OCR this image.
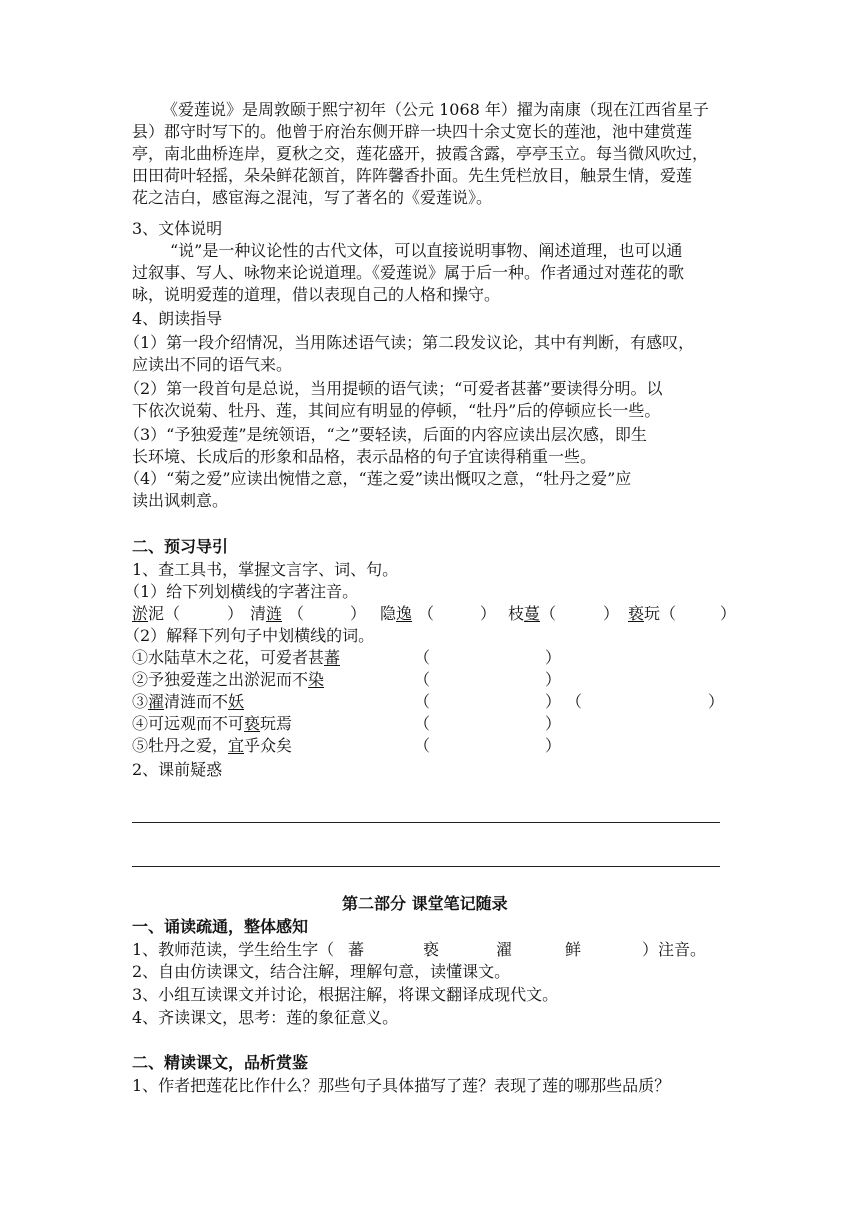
《爱莲说》是周敦颐于熙宁初年（公元 1068 年）擢为南康（现在江西省星子
县）郡守时写下的。他曾于府治东侧开辟一块四十余丈宽长的莲池，池中建赏莲
亭，南北曲桥连岸，夏秋之交，莲花盛开，披霞含露，亭亭玉立。每当微风吹过，
田田荷叶轻摇，朵朵鲜花颔首，阵阵馨香扑面。先生凭栏放目，触景生情，爱莲
花之洁白，感宦海之混沌，写了著名的《爱莲说》。
3、文体说明
“说”是一种议论性的古代文体，可以直接说明事物、阐述道理，也可以通
过叙事、写人、咏物来论说道理。《爱莲说》属于后一种。作者通过对莲花的歌
咏，说明爱莲的道理，借以表现自己的人格和操守。
4、朗读指导
（1）第一段介绍情况，当用陈述语气读；第二段发议论，其中有判断，有感叹，
应读出不同的语气来。
（2）第一段首句是总说，当用提顿的语气读；“可爱者甚蕃”要读得分明。以
下依次说菊、牡丹、莲，其间应有明显的停顿，“牡丹”后的停顿应长一些。
（3）“予独爱莲”是统领语，“之”要轻读，后面的内容应读出层次感，即生
长环境、长成后的形象和品格，表示品格的句子宜读得稍重一些。
（4）“菊之爱”应读出惋惜之意，“莲之爱”读出慨叹之意，“牡丹之爱”应
读出讽刺意。
二、预习导引
1、查工具书，掌握文言字、词、句。
（1）给下列划横线的字著注音。
淤泥（	） 清涟 （	） 隐逸 （	） 枝蔓（	） 亵玩（	）
（2）解释下列句子中划横线的词。
①水陆草木之花，可爱者甚蕃	（	）
②予独爱莲之出淤泥而不染	（	）
③濯清涟而不妖	（	） （	）
④可远观而不可亵玩焉	（	）
⑤牡丹之爱，宜乎众矣	（	）
2、课前疑惑
第二部分 课堂笔记随录
一、诵读疏通，整体感知
1、教师范读，学生给生字（ 蕃	亵	濯	鲜	）注音。
2、自由仿读课文，结合注解，理解句意，读懂课文。
3、小组互读课文并讨论，根据注解，将课文翻译成现代文。
4、齐读课文，思考：莲的象征意义。
二、精读课文，品析赏鉴
1、作者把莲花比作什么？那些句子具体描写了莲？表现了莲的哪那些品质？
